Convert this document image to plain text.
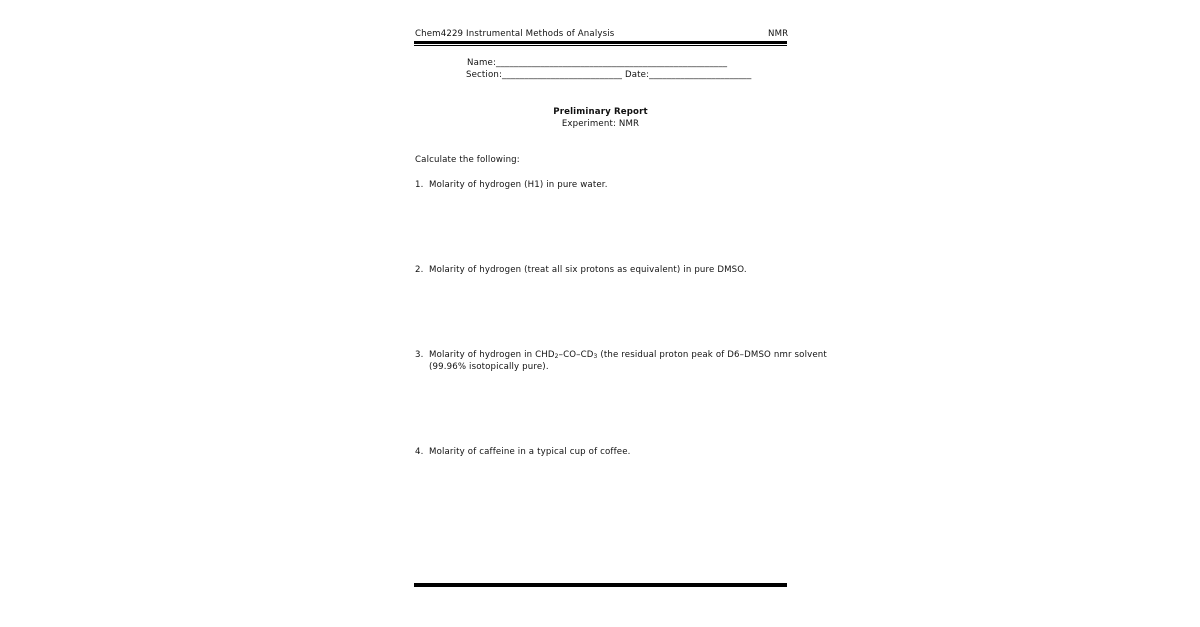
Chem4229 Instrumental Methods of Analysis	NMR
Name:____________________________________________________
Section:___________________________ Date:_______________________
Preliminary Report
Experiment: NMR
Calculate the following:
1. Molarity of hydrogen (H1) in pure water.
2. Molarity of hydrogen (treat all six protons as equivalent) in pure DMSO.
3. Molarity of hydrogen in $CHD_2-CO-CD_3$ (the residual proton peak of D6–DMSO nmr solvent
(99.96% isotopically pure).
4. Molarity of caffeine in a typical cup of coffee.
